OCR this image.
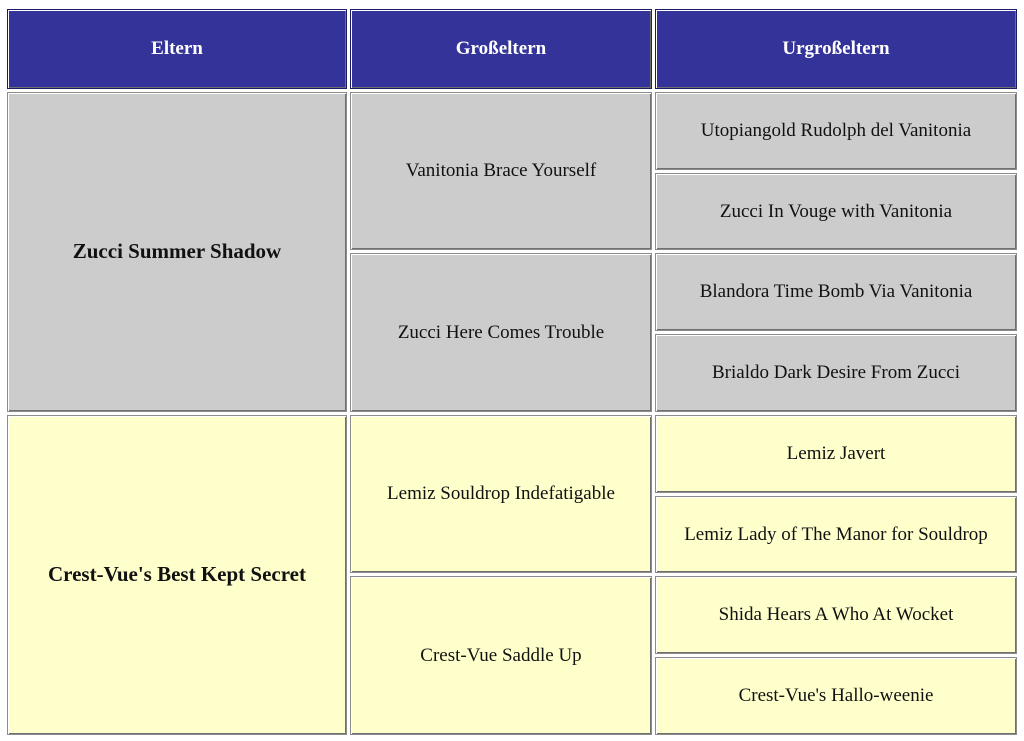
Eltern	Großeltern	Urgroßeltern
Zucci Summer Shadow	Vanitonia Brace Yourself	Utopiangold Rudolph del Vanitonia
		Zucci In Vouge with Vanitonia
	Zucci Here Comes Trouble	Blandora Time Bomb Via Vanitonia
		Brialdo Dark Desire From Zucci
Crest-Vue's Best Kept Secret	Lemiz Souldrop Indefatigable	Lemiz Javert
		Lemiz Lady of The Manor for Souldrop
	Crest-Vue Saddle Up	Shida Hears A Who At Wocket
		Crest-Vue's Hallo-weenie
